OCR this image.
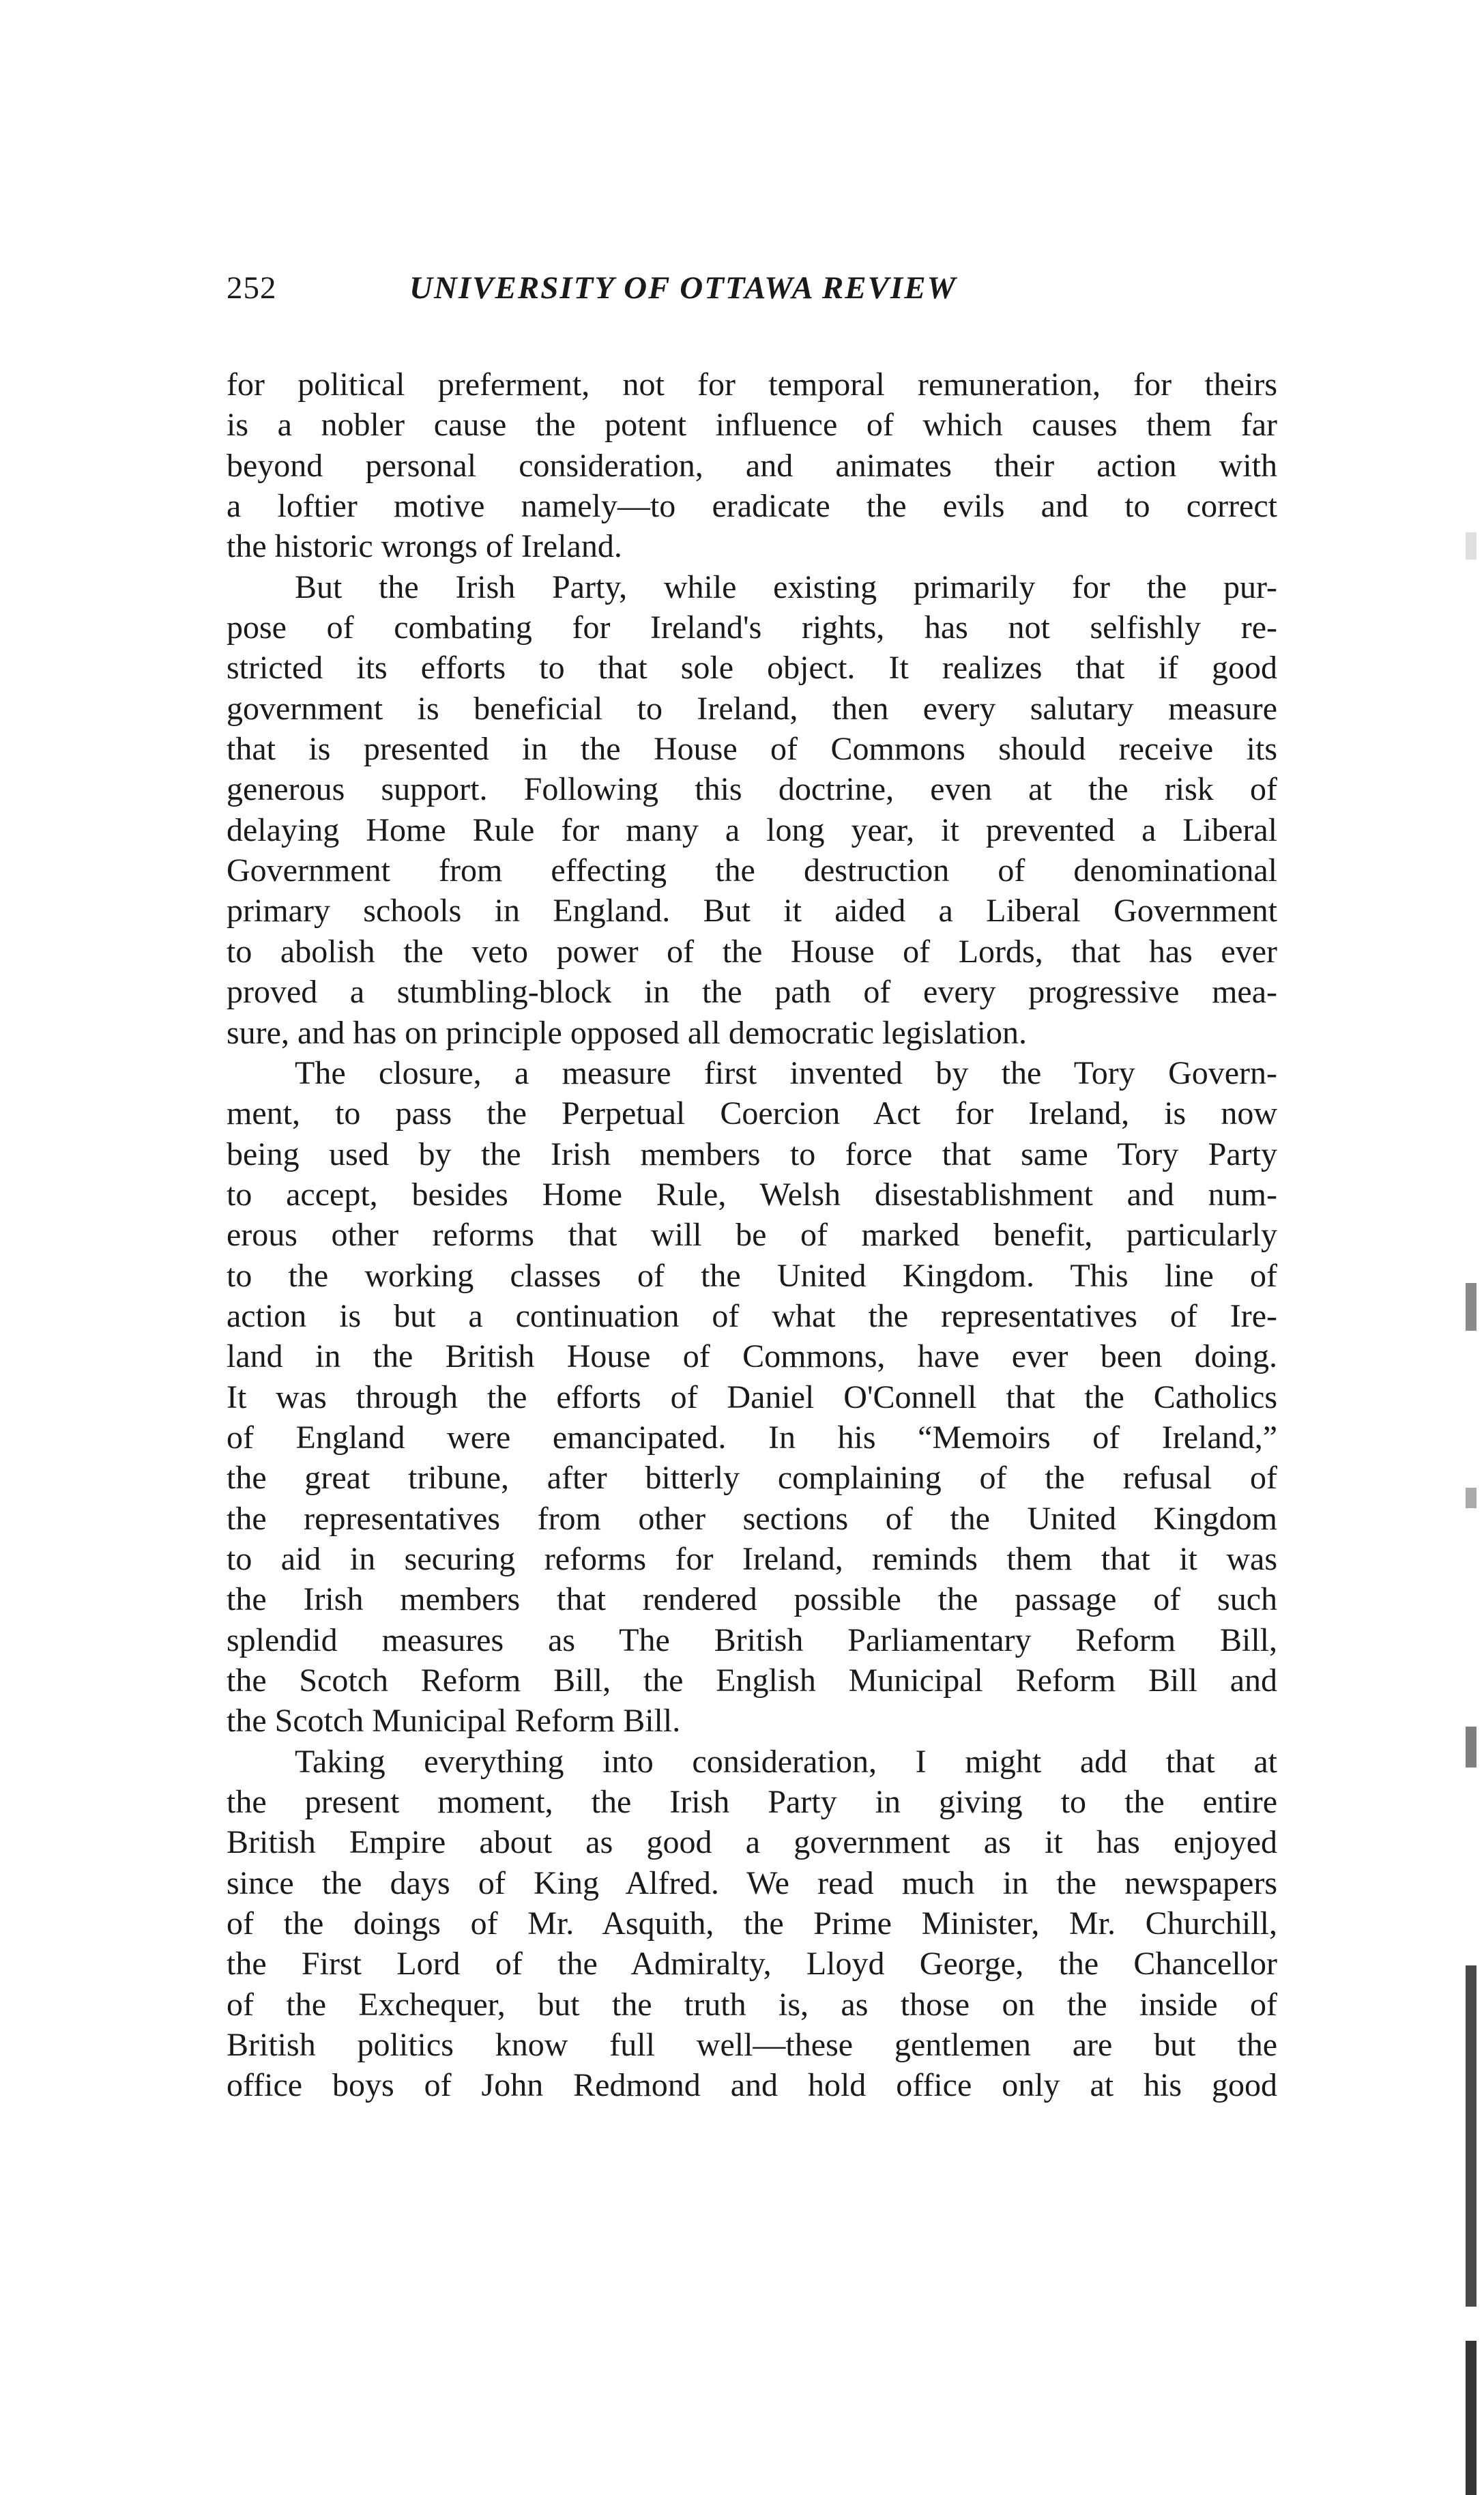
252	UNIVERSITY OF OTTAWA REVIEW
for political preferment, not for temporal remuneration, for theirs
is a nobler cause the potent influence of which causes them far
beyond personal consideration, and animates their action with
a loftier motive namely—to eradicate the evils and to correct
the historic wrongs of Ireland.
But the Irish Party, while existing primarily for the pur-
pose of combating for Ireland's rights, has not selfishly re-
stricted its efforts to that sole object. It realizes that if good
government is beneficial to Ireland, then every salutary measure
that is presented in the House of Commons should receive its
generous support. Following this doctrine, even at the risk of
delaying Home Rule for many a long year, it prevented a Liberal
Government from effecting the destruction of denominational
primary schools in England. But it aided a Liberal Government
to abolish the veto power of the House of Lords, that has ever
proved a stumbling-block in the path of every progressive mea-
sure, and has on principle opposed all democratic legislation.
The closure, a measure first invented by the Tory Govern-
ment, to pass the Perpetual Coercion Act for Ireland, is now
being used by the Irish members to force that same Tory Party
to accept, besides Home Rule, Welsh disestablishment and num-
erous other reforms that will be of marked benefit, particularly
to the working classes of the United Kingdom. This line of
action is but a continuation of what the representatives of Ire-
land in the British House of Commons, have ever been doing.
It was through the efforts of Daniel O'Connell that the Catholics
of England were emancipated. In his “Memoirs of Ireland,”
the great tribune, after bitterly complaining of the refusal of
the representatives from other sections of the United Kingdom
to aid in securing reforms for Ireland, reminds them that it was
the Irish members that rendered possible the passage of such
splendid measures as The British Parliamentary Reform Bill,
the Scotch Reform Bill, the English Municipal Reform Bill and
the Scotch Municipal Reform Bill.
Taking everything into consideration, I might add that at
the present moment, the Irish Party in giving to the entire
British Empire about as good a government as it has enjoyed
since the days of King Alfred. We read much in the newspapers
of the doings of Mr. Asquith, the Prime Minister, Mr. Churchill,
the First Lord of the Admiralty, Lloyd George, the Chancellor
of the Exchequer, but the truth is, as those on the inside of
British politics know full well—these gentlemen are but the
office boys of John Redmond and hold office only at his good
